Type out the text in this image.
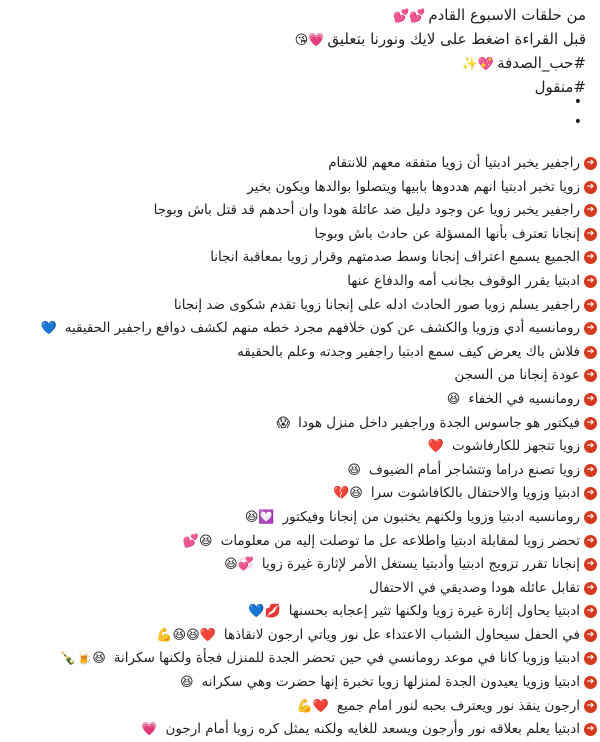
من حلقات الاسبوع القادم💕💕
قبل القراءة اضغط على لايك ونورنا بتعليق💗😘
#حب_الصدفة💖✨
#منقول
•
•
➔
راجفير يخبر ادبتيا أن زويا متفقه معهم للانتقام
➔
زويا تخبر ادبتيا انهم هددوها بابيها ويتصلوا بوالدها ويكون بخير
➔
راجفير يخبر زويا عن وجود دليل ضد عائلة هودا وان أحدهم قد قتل باش وبوجا
➔
إنجانا تعترف بأنها المسؤلة عن حادث باش وبوجا
➔
الجميع يسمع اعتراف إنجانا وسط صدمتهم وقرار زويا بمعاقبة انجانا
➔
ادبتيا يقرر الوقوف بجانب أمه والدفاع عنها
➔
راجفير يسلم زويا صور الحادث ادله على إنجانا زويا تقدم شكوى ضد إنجانا
➔
رومانسيه أدي وزويا والكشف عن كون خلافهم مجرد خطه منهم لكشف دوافع راجفير الحقيقيه💙
➔
فلاش باك يعرض كيف سمع ادبتيا راجفير وجدته وعلم بالحقيقه
➔
عودة إنجانا من السجن
➔
رومانسيه في الخفاء😆
➔
فيكتور هو جاسوس الجدة وراجفير داخل منزل هودا😱
➔
زويا تتجهز للكارفاشوت❤️
➔
زويا تصنع دراما وتتشاجر أمام الضيوف😆
➔
ادبتيا وزويا والاحتفال بالكافاشوت سرا😆💔
➔
رومانسيه ادبتيا وزويا ولكنهم يختبون من إنجانا وفيكتور💟😆
➔
تحضر زويا لمقابلة ادبتيا واطلاعه عل ما توصلت إليه من معلومات😆💕
➔
إنجانا تقرر تزويج ادبتيا وأدبتيا يستغل الأمر لإثارة غيرة زويا💞😆
➔
تقابل عائله هودا وصديقي في الاحتفال
➔
ادبتيا يحاول إثارة غيرة زويا ولكنها تثير إعجابه بحسنها💋💙
➔
في الحفل سيحاول الشباب الاعتداء عل نور وياتي ارجون لانقاذها❤️😆😆💪
➔
ادبتيا وزويا كانا في موعد رومانسي في حين تحضر الجدة للمنزل فجأة ولكنها سكرانة😆🍺🍾
➔
ادبتيا وزويا يعيدون الجدة لمنزلها زويا تخبرة إنها حضرت وهي سكرانه😆
➔
ارجون ينقذ نور ويعترف بحبه لنور امام جميع❤️💪
➔
ادبتيا يعلم بعلاقه نور وأرجون ويسعد للغايه ولكنه يمثل كره زويا أمام ارجون💗
